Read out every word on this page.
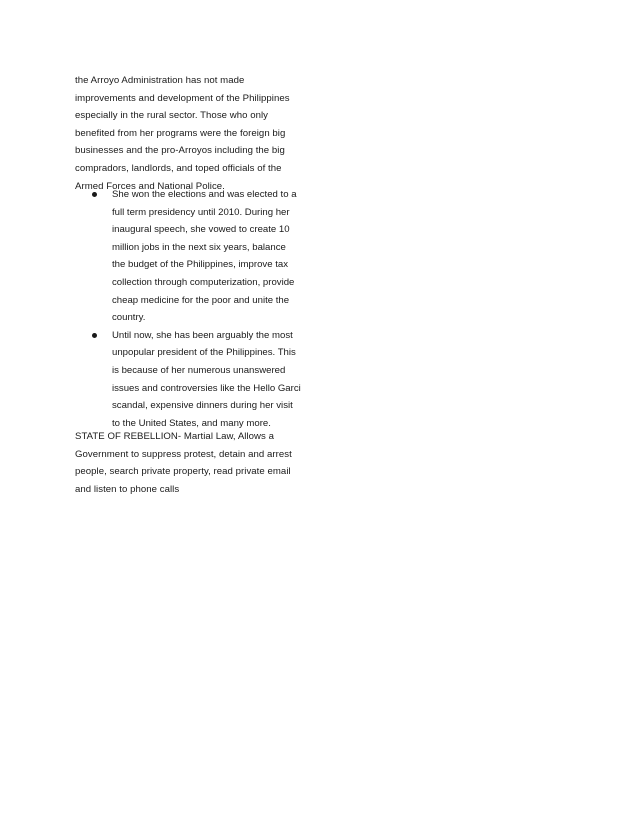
the Arroyo Administration has not made
improvements and development of the Philippines
especially in the rural sector. Those who only
benefited from her programs were the foreign big
businesses and the pro-Arroyos including the big
compradors, landlords, and toped officials of the
Armed Forces and National Police.
She won the elections and was elected to a
full term presidency until 2010. During her
inaugural speech, she vowed to create 10
million jobs in the next six years, balance
the budget of the Philippines, improve tax
collection through computerization, provide
cheap medicine for the poor and unite the
country.
Until now, she has been arguably the most
unpopular president of the Philippines. This
is because of her numerous unanswered
issues and controversies like the Hello Garci
scandal, expensive dinners during her visit
to the United States, and many more.
STATE OF REBELLION- Martial Law, Allows a
Government to suppress protest, detain and arrest
people, search private property, read private email
and listen to phone calls
